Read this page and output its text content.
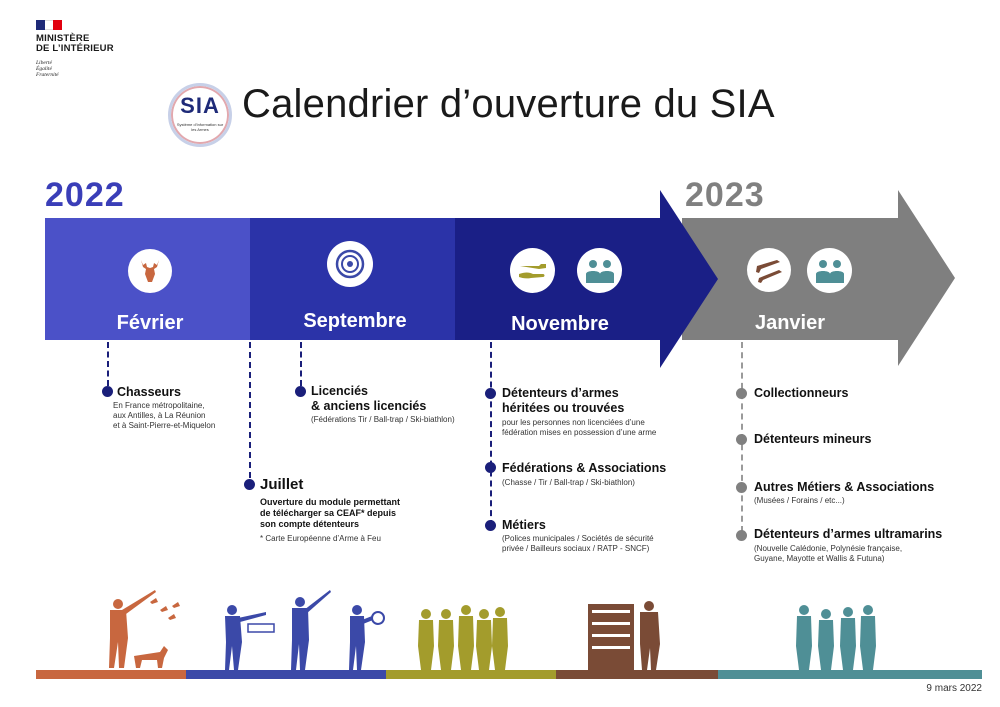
MINISTÈRE
DE L’INTÉRIEUR
Liberté
Égalité
Fraternité
SIA
Système d'Information sur les Armes
Calendrier d’ouverture du SIA
2022	2023
Février	Septembre	Novembre	Janvier
Chasseurs
En France métropolitaine,
aux Antilles, à La Réunion
et à Saint-Pierre-et-Miquelon
Juillet
Ouverture du module permettant
de télécharger sa CEAF* depuis
son compte détenteurs
* Carte Européenne d’Arme à Feu
Licenciés
& anciens licenciés
(Fédérations Tir / Ball-trap / Ski-biathlon)
Détenteurs d’armes
héritées ou trouvées
pour les personnes non licenciées d’une
fédération mises en possession d’une arme
Fédérations & Associations
(Chasse / Tir / Ball-trap / Ski-biathlon)
Métiers
(Polices municipales / Sociétés de sécurité
privée / Bailleurs sociaux / RATP - SNCF)
Collectionneurs
Détenteurs mineurs
Autres Métiers & Associations
(Musées / Forains / etc...)
Détenteurs d’armes ultramarins
(Nouvelle Calédonie, Polynésie française,
Guyane, Mayotte et Wallis & Futuna)
9 mars 2022
